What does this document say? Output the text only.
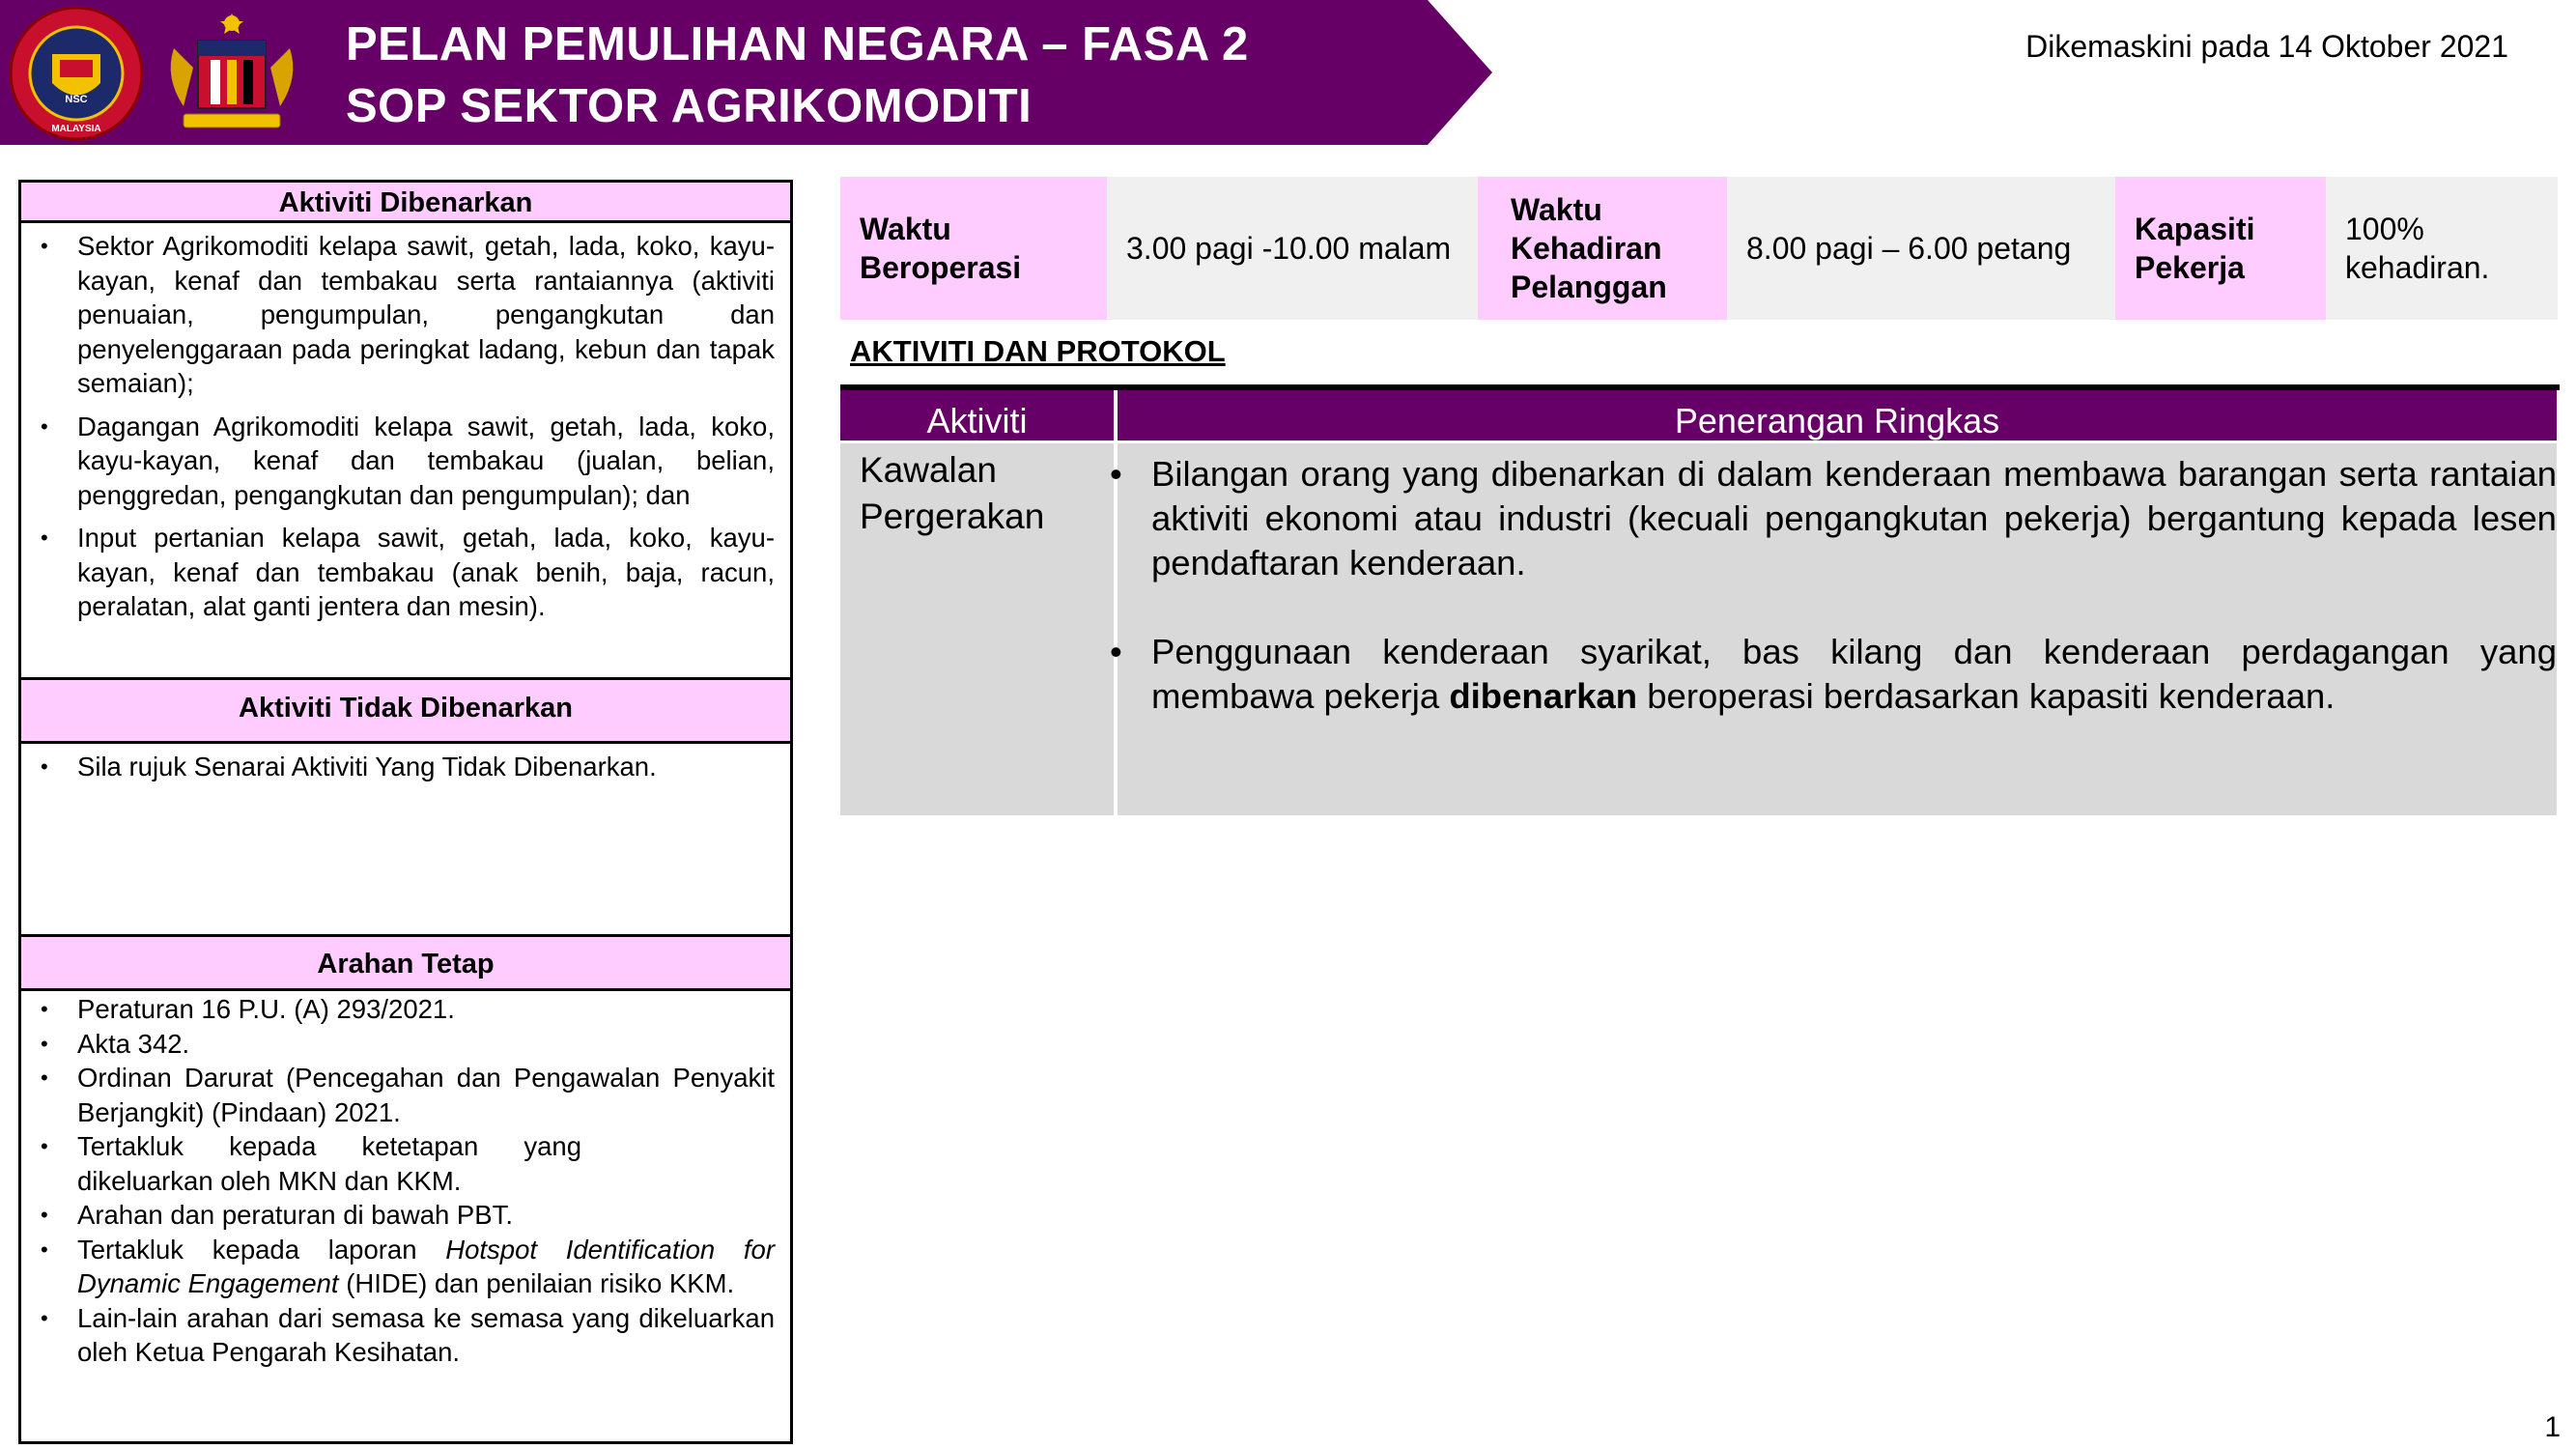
NSC
MALAYSIA
PELAN PEMULIHAN NEGARA – FASA 2
SOP SEKTOR AGRIKOMODITI
Dikemaskini pada 14 Oktober 2021
Aktiviti Dibenarkan
• Sektor Agrikomoditi kelapa sawit, getah, lada, koko, kayu-kayan, kenaf dan tembakau serta rantaiannya (aktiviti penuaian, pengumpulan, pengangkutan dan penyelenggaraan pada peringkat ladang, kebun dan tapak semaian);
• Dagangan Agrikomoditi kelapa sawit, getah, lada, koko, kayu-kayan, kenaf dan tembakau (jualan, belian, penggredan, pengangkutan dan pengumpulan); dan
• Input pertanian kelapa sawit, getah, lada, koko, kayu-kayan, kenaf dan tembakau (anak benih, baja, racun, peralatan, alat ganti jentera dan mesin).
Aktiviti Tidak Dibenarkan
• Sila rujuk Senarai Aktiviti Yang Tidak Dibenarkan.
Arahan Tetap
• Peraturan 16 P.U. (A) 293/2021.
• Akta 342.
• Ordinan Darurat (Pencegahan dan Pengawalan Penyakit Berjangkit) (Pindaan) 2021.
• Tertakluk kepada ketetapan yang dikeluarkan oleh MKN dan KKM.
• Arahan dan peraturan di bawah PBT.
• Tertakluk kepada laporan Hotspot Identification for Dynamic Engagement (HIDE) dan penilaian risiko KKM.
• Lain-lain arahan dari semasa ke semasa yang dikeluarkan oleh Ketua Pengarah Kesihatan.
Waktu Beroperasi
3.00 pagi -10.00 malam
Waktu Kehadiran Pelanggan
8.00 pagi – 6.00 petang
Kapasiti Pekerja
100% kehadiran.
AKTIVITI DAN PROTOKOL
Aktiviti	Penerangan Ringkas
Kawalan Pergerakan
• Bilangan orang yang dibenarkan di dalam kenderaan membawa barangan serta rantaian aktiviti ekonomi atau industri (kecuali pengangkutan pekerja) bergantung kepada lesen pendaftaran kenderaan.
• Penggunaan kenderaan syarikat, bas kilang dan kenderaan perdagangan yang membawa pekerja dibenarkan beroperasi berdasarkan kapasiti kenderaan.
1
